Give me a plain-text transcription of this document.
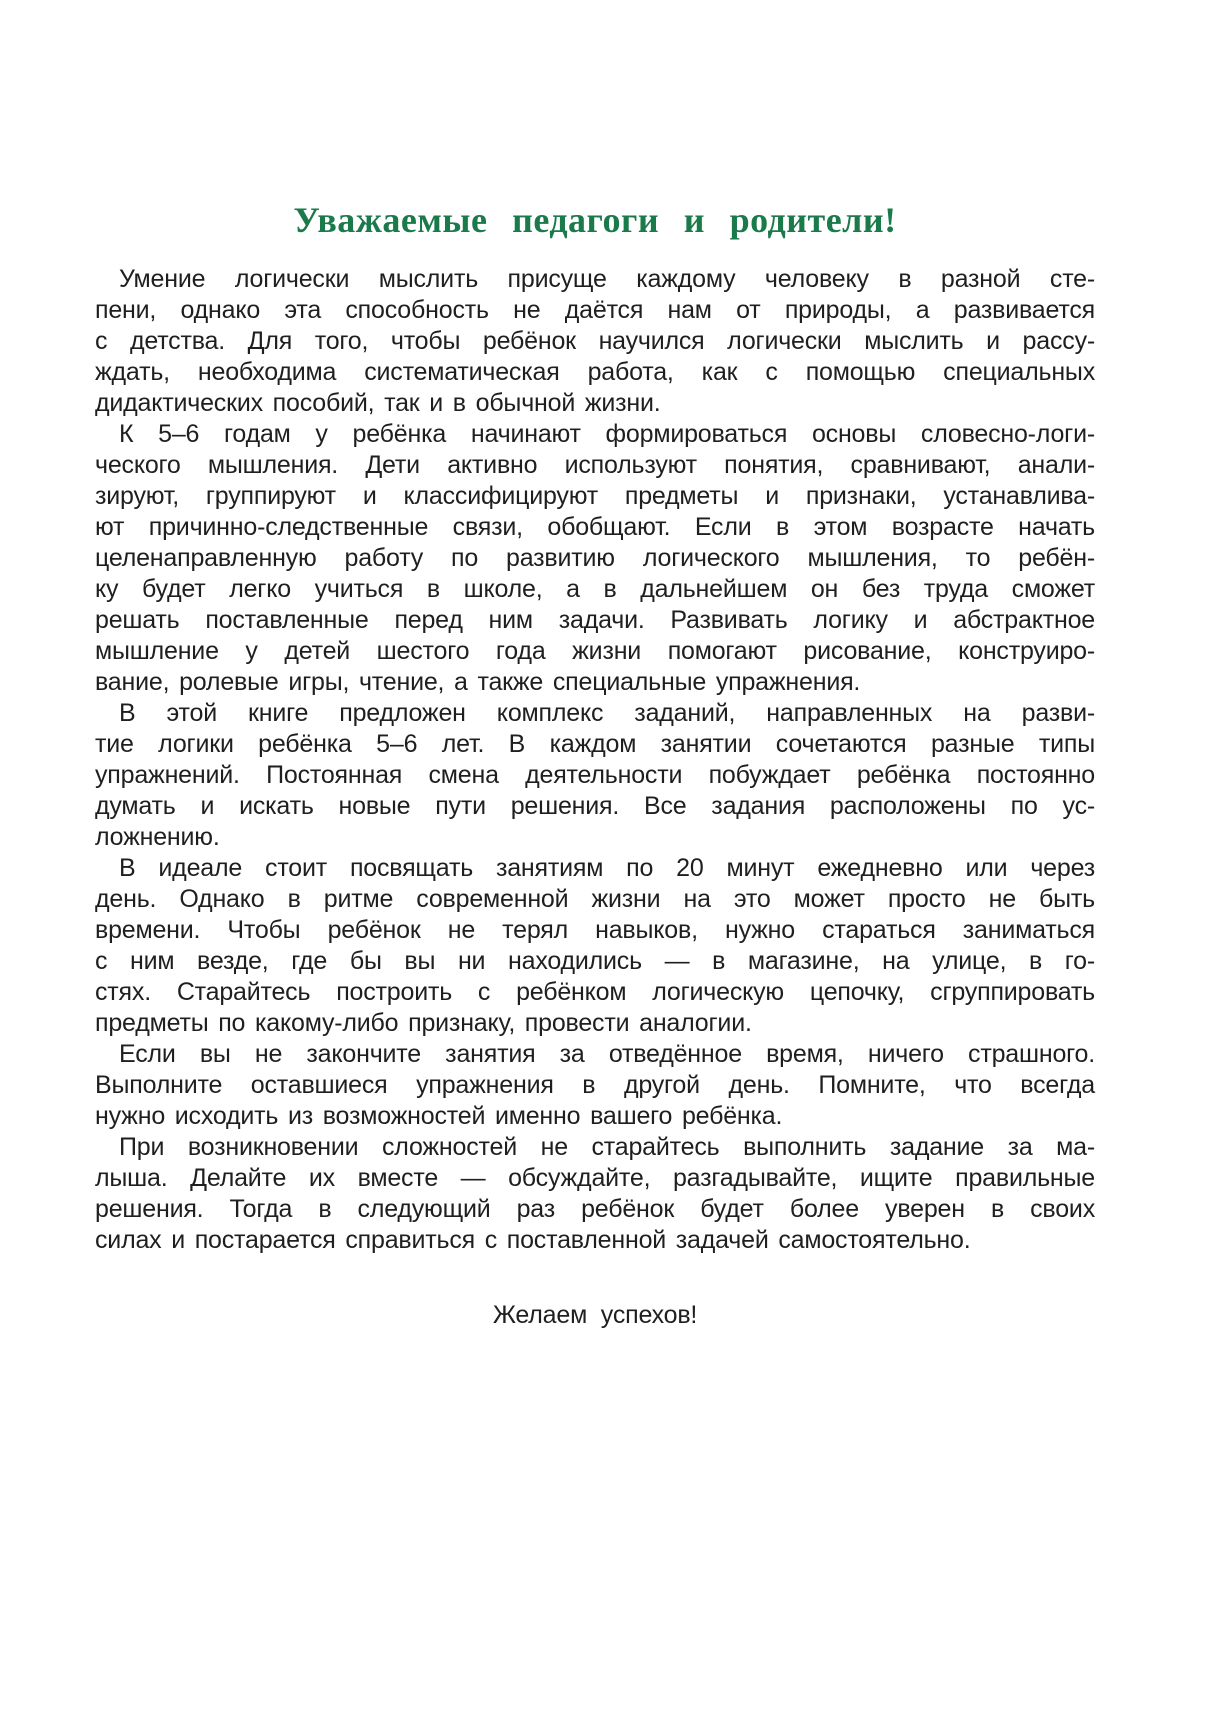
Уважаемые педагоги и родители!
Умение логически мыслить присуще каждому человеку в разной сте-
пени, однако эта способность не даётся нам от природы, а развивается
с детства. Для того, чтобы ребёнок научился логически мыслить и рассу-
ждать, необходима систематическая работа, как с помощью специальных
дидактических пособий, так и в обычной жизни.
К 5–6 годам у ребёнка начинают формироваться основы словесно-логи-
ческого мышления. Дети активно используют понятия, сравнивают, анали-
зируют, группируют и классифицируют предметы и признаки, устанавлива-
ют причинно-следственные связи, обобщают. Если в этом возрасте начать
целенаправленную работу по развитию логического мышления, то ребён-
ку будет легко учиться в школе, а в дальнейшем он без труда сможет
решать поставленные перед ним задачи. Развивать логику и абстрактное
мышление у детей шестого года жизни помогают рисование, конструиро-
вание, ролевые игры, чтение, а также специальные упражнения.
В этой книге предложен комплекс заданий, направленных на разви-
тие логики ребёнка 5–6 лет. В каждом занятии сочетаются разные типы
упражнений. Постоянная смена деятельности побуждает ребёнка постоянно
думать и искать новые пути решения. Все задания расположены по ус-
ложнению.
В идеале стоит посвящать занятиям по 20 минут ежедневно или через
день. Однако в ритме современной жизни на это может просто не быть
времени. Чтобы ребёнок не терял навыков, нужно стараться заниматься
с ним везде, где бы вы ни находились — в магазине, на улице, в го-
стях. Старайтесь построить с ребёнком логическую цепочку, сгруппировать
предметы по какому-либо признаку, провести аналогии.
Если вы не закончите занятия за отведённое время, ничего страшного.
Выполните оставшиеся упражнения в другой день. Помните, что всегда
нужно исходить из возможностей именно вашего ребёнка.
При возникновении сложностей не старайтесь выполнить задание за ма-
лыша. Делайте их вместе — обсуждайте, разгадывайте, ищите правильные
решения. Тогда в следующий раз ребёнок будет более уверен в своих
силах и постарается справиться с поставленной задачей самостоятельно.
Желаем успехов!
